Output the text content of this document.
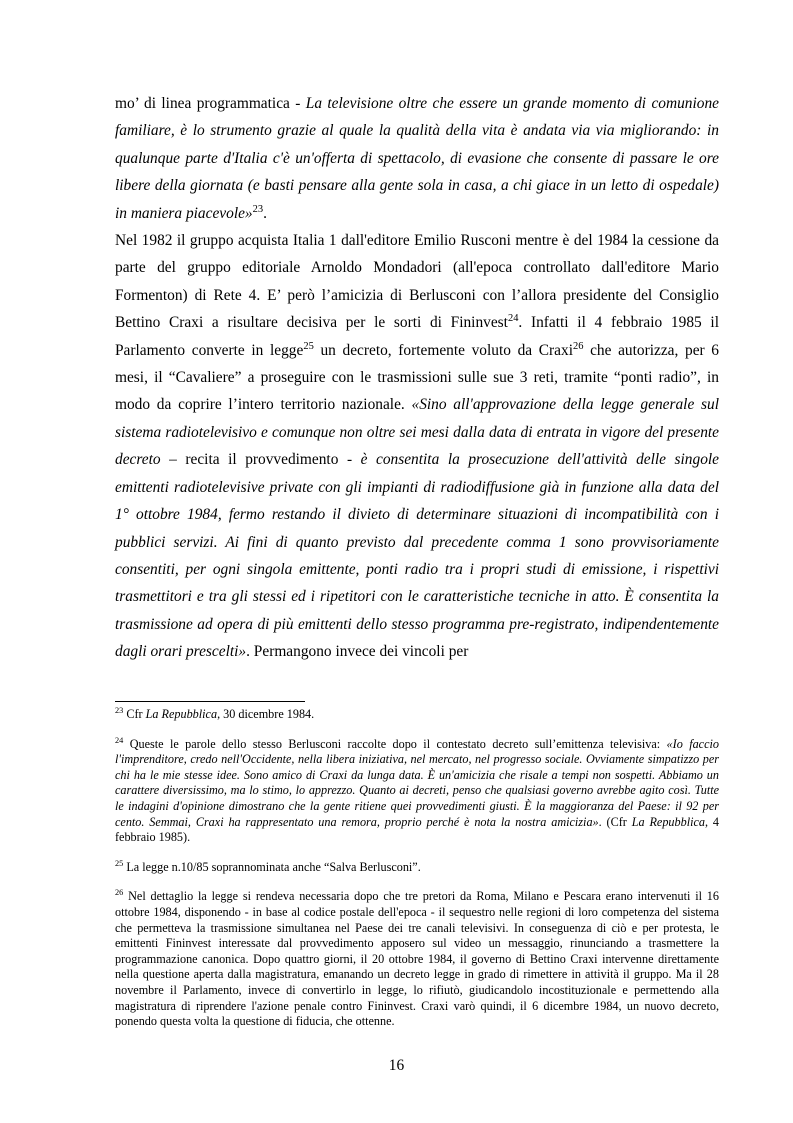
mo’ di linea programmatica - La televisione oltre che essere un grande momento di comunione familiare, è lo strumento grazie al quale la qualità della vita è andata via via migliorando: in qualunque parte d'Italia c'è un'offerta di spettacolo, di evasione che consente di passare le ore libere della giornata (e basti pensare alla gente sola in casa, a chi giace in un letto di ospedale) in maniera piacevole»$^{23}$.

Nel 1982 il gruppo acquista Italia 1 dall'editore Emilio Rusconi mentre è del 1984 la cessione da parte del gruppo editoriale Arnoldo Mondadori (all'epoca controllato dall'editore Mario Formenton) di Rete 4. E’ però l’amicizia di Berlusconi con l’allora presidente del Consiglio Bettino Craxi a risultare decisiva per le sorti di Fininvest$^{24}$. Infatti il 4 febbraio 1985 il Parlamento converte in legge$^{25}$ un decreto, fortemente voluto da Craxi$^{26}$ che autorizza, per 6 mesi, il “Cavaliere” a proseguire con le trasmissioni sulle sue 3 reti, tramite “ponti radio”, in modo da coprire l’intero territorio nazionale. «Sino all'approvazione della legge generale sul sistema radiotelevisivo e comunque non oltre sei mesi dalla data di entrata in vigore del presente decreto – recita il provvedimento - è consentita la prosecuzione dell'attività delle singole emittenti radiotelevisive private con gli impianti di radiodiffusione già in funzione alla data del 1° ottobre 1984, fermo restando il divieto di determinare situazioni di incompatibilità con i pubblici servizi. Ai fini di quanto previsto dal precedente comma 1 sono provvisoriamente consentiti, per ogni singola emittente, ponti radio tra i propri studi di emissione, i rispettivi trasmettitori e tra gli stessi ed i ripetitori con le caratteristiche tecniche in atto. È consentita la trasmissione ad opera di più emittenti dello stesso programma pre-registrato, indipendentemente dagli orari prescelti». Permangono invece dei vincoli per

$^{23}$ Cfr La Repubblica, 30 dicembre 1984.

$^{24}$ Queste le parole dello stesso Berlusconi raccolte dopo il contestato decreto sull’emittenza televisiva: «Io faccio l'imprenditore, credo nell'Occidente, nella libera iniziativa, nel mercato, nel progresso sociale. Ovviamente simpatizzo per chi ha le mie stesse idee. Sono amico di Craxi da lunga data. È un'amicizia che risale a tempi non sospetti. Abbiamo un carattere diversissimo, ma lo stimo, lo apprezzo. Quanto ai decreti, penso che qualsiasi governo avrebbe agito così. Tutte le indagini d'opinione dimostrano che la gente ritiene quei provvedimenti giusti. È la maggioranza del Paese: il 92 per cento. Semmai, Craxi ha rappresentato una remora, proprio perché è nota la nostra amicizia». (Cfr La Repubblica, 4 febbraio 1985).

$^{25}$ La legge n.10/85 soprannominata anche “Salva Berlusconi”.

$^{26}$ Nel dettaglio la legge si rendeva necessaria dopo che tre pretori da Roma, Milano e Pescara erano intervenuti il 16 ottobre 1984, disponendo - in base al codice postale dell'epoca - il sequestro nelle regioni di loro competenza del sistema che permetteva la trasmissione simultanea nel Paese dei tre canali televisivi. In conseguenza di ciò e per protesta, le emittenti Fininvest interessate dal provvedimento apposero sul video un messaggio, rinunciando a trasmettere la programmazione canonica. Dopo quattro giorni, il 20 ottobre 1984, il governo di Bettino Craxi intervenne direttamente nella questione aperta dalla magistratura, emanando un decreto legge in grado di rimettere in attività il gruppo. Ma il 28 novembre il Parlamento, invece di convertirlo in legge, lo rifiutò, giudicandolo incostituzionale e permettendo alla magistratura di riprendere l'azione penale contro Fininvest. Craxi varò quindi, il 6 dicembre 1984, un nuovo decreto, ponendo questa volta la questione di fiducia, che ottenne.

16
